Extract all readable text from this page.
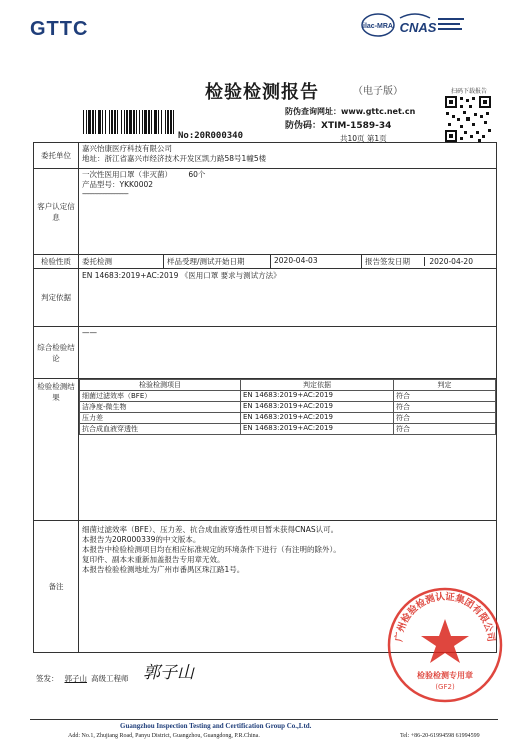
GTTC	ilac-MRA CNAS
检验检测报告	（电子版）	扫码下载报告
防伪查询网址：www.gttc.net.cn
防伪码：XTIM-1589-34
No:20R000340	共10页 第1页
委托单位	
嘉兴怡康医疗科技有限公司
地址：浙江省嘉兴市经济技术开发区凯力路58号1幢5楼

客户认定信息	
一次性医用口罩（非灭菌） 60个
产品型号：YKK0002
------------------------------

检验性质	委托检测	样品受理/测试开始日期	2020-04-03	报告签发日期	2020-04-20
判定依据	EN 14683:2019+AC:2019 《医用口罩 要求与测试方法》
综合检验结论	——
检验检测结果	
检验检测项目	判定依据	判定
细菌过滤效率（BFE）	EN 14683:2019+AC:2019	符合
洁净度-微生物	EN 14683:2019+AC:2019	符合
压力差	EN 14683:2019+AC:2019	符合
抗合成血液穿透性	EN 14683:2019+AC:2019	符合

备注	
细菌过滤效率（BFE）、压力差、抗合成血液穿透性项目暂未获得CNAS认可。
本报告为20R000339的中文版本。
本报告中检验检测项目均在相应标准规定的环境条件下进行（有注明的除外）。
复印件、副本未重新加盖报告专用章无效。
本报告检验检测地址为广州市番禺区珠江路1号。
签发： 郭子山 高级工程师 郭子山
广州检验检测认证集团有限公司
检验检测专用章
(GF2)
Guangzhou Inspection Testing and Certification Group Co.,Ltd.
Add: No.1, Zhujiang Road, Panyu District, Guangzhou, Guangdong, P.R.China.	Tel: +86-20-61994598 61994599
